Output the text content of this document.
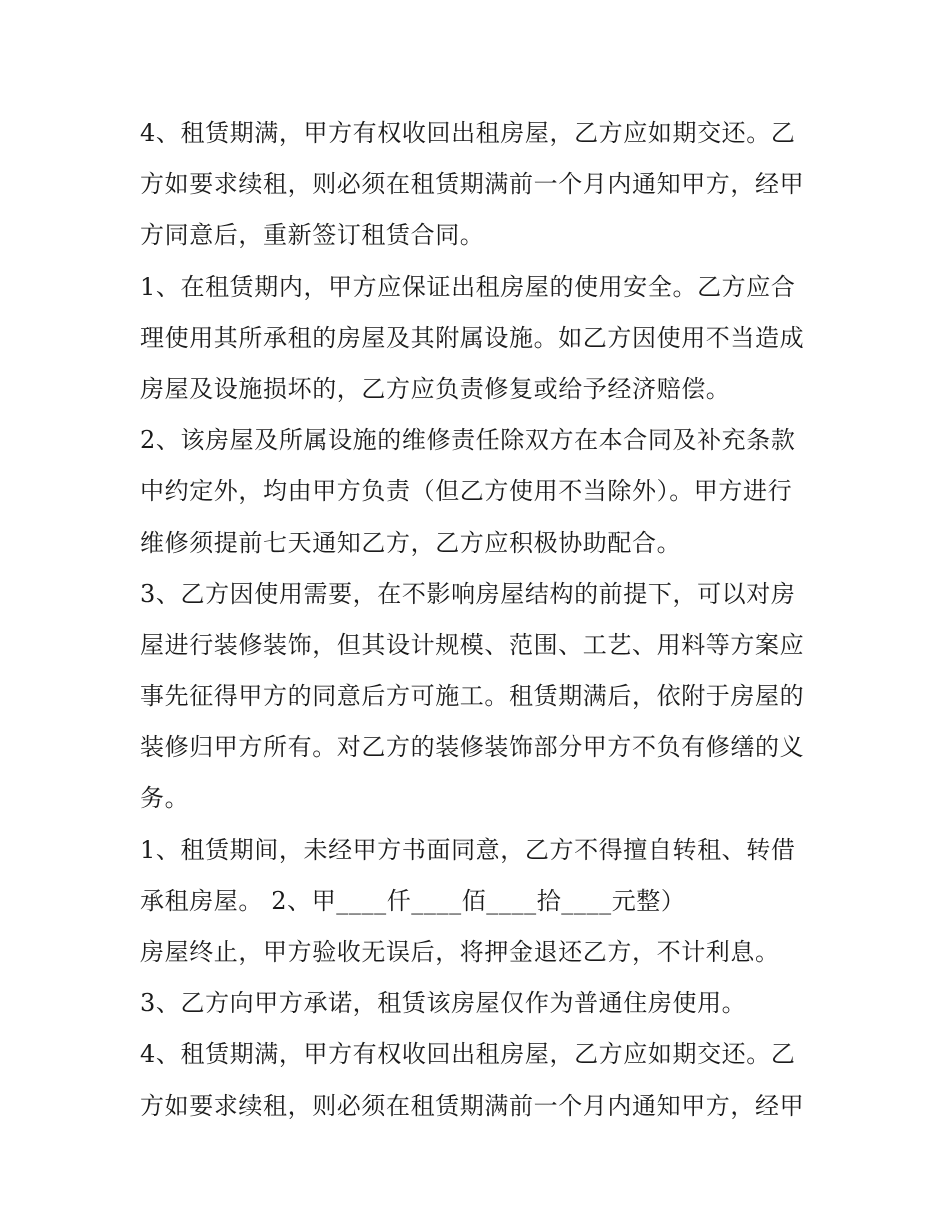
4、租赁期满，甲方有权收回出租房屋，乙方应如期交还。乙
方如要求续租，则必须在租赁期满前一个月内通知甲方，经甲
方同意后，重新签订租赁合同。
1、在租赁期内，甲方应保证出租房屋的使用安全。乙方应合
理使用其所承租的房屋及其附属设施。如乙方因使用不当造成
房屋及设施损坏的，乙方应负责修复或给予经济赔偿。
2、该房屋及所属设施的维修责任除双方在本合同及补充条款
中约定外，均由甲方负责（但乙方使用不当除外）。甲方进行
维修须提前七天通知乙方，乙方应积极协助配合。
3、乙方因使用需要，在不影响房屋结构的前提下，可以对房
屋进行装修装饰，但其设计规模、范围、工艺、用料等方案应
事先征得甲方的同意后方可施工。租赁期满后，依附于房屋的
装修归甲方所有。对乙方的装修装饰部分甲方不负有修缮的义
务。
1、租赁期间，未经甲方书面同意，乙方不得擅自转租、转借
承租房屋。 2、甲____仟____佰____拾____元整）
房屋终止，甲方验收无误后，将押金退还乙方，不计利息。
3、乙方向甲方承诺，租赁该房屋仅作为普通住房使用。
4、租赁期满，甲方有权收回出租房屋，乙方应如期交还。乙
方如要求续租，则必须在租赁期满前一个月内通知甲方，经甲
